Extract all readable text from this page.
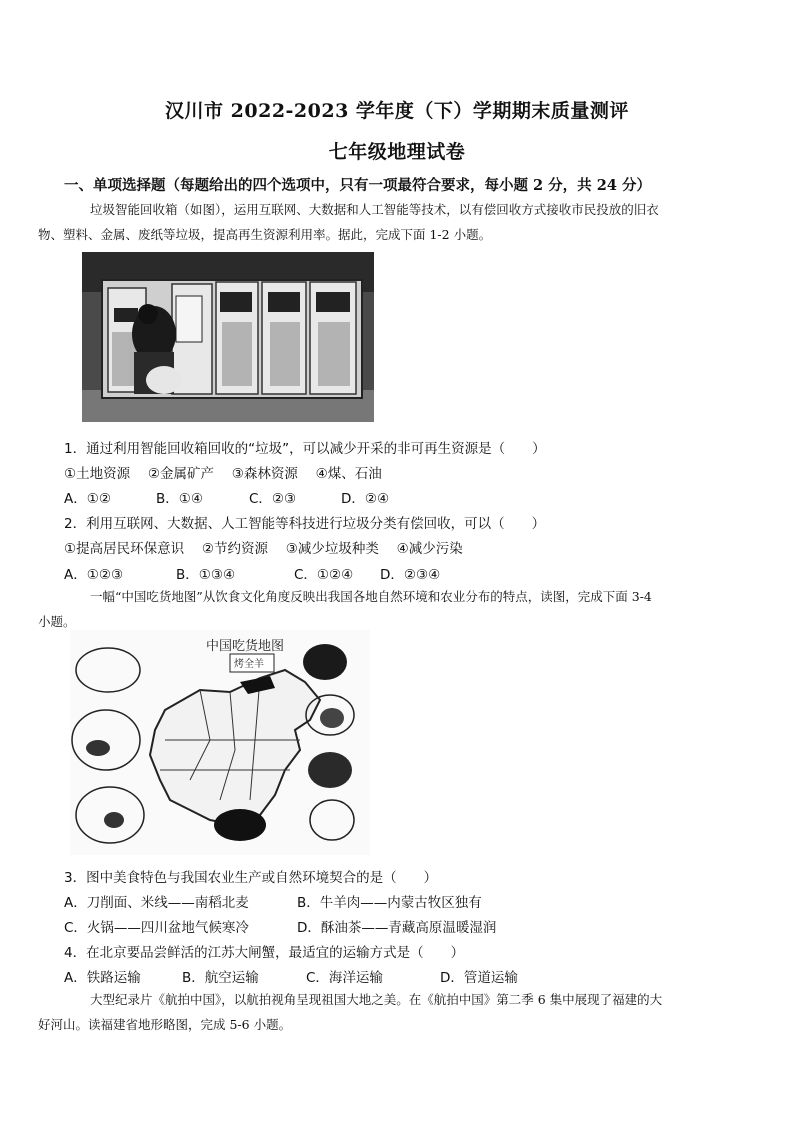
汉川市 2022-2023 学年度（下）学期期末质量测评
七年级地理试卷
一、单项选择题（每题给出的四个选项中，只有一项最符合要求，每小题 2 分，共 24 分）
垃圾智能回收箱（如图），运用互联网、大数据和人工智能等技术，以有偿回收方式接收市民投放的旧衣
物、塑料、金属、废纸等垃圾，提高再生资源利用率。据此，完成下面 1-2 小题。
1．通过利用智能回收箱回收的“垃圾”，可以减少开采的非可再生资源是（　　）
①土地资源　 ②金属矿产　 ③森林资源　 ④煤、石油
A．①②	B．①④	C．②③	D．②④
2．利用互联网、大数据、人工智能等科技进行垃圾分类有偿回收，可以（　　）
①提高居民环保意识　 ②节约资源　 ③减少垃圾种类　 ④减少污染
A．①②③	B．①③④	C．①②④	D．②③④
一幅“中国吃货地图”从饮食文化角度反映出我国各地自然环境和农业分布的特点，读图，完成下面 3-4
小题。
中国吃货地图
烤全羊
3．图中美食特色与我国农业生产或自然环境契合的是（　　）
A．刀削面、米线——南稻北麦	B．牛羊肉——内蒙古牧区独有
C．火锅——四川盆地气候寒冷	D．酥油茶——青藏高原温暖湿润
4．在北京要品尝鲜活的江苏大闸蟹，最适宜的运输方式是（　　）
A．铁路运输	B．航空运输	C．海洋运输	D．管道运输
大型纪录片《航拍中国》，以航拍视角呈现祖国大地之美。在《航拍中国》第二季 6 集中展现了福建的大
好河山。读福建省地形略图，完成 5-6 小题。
